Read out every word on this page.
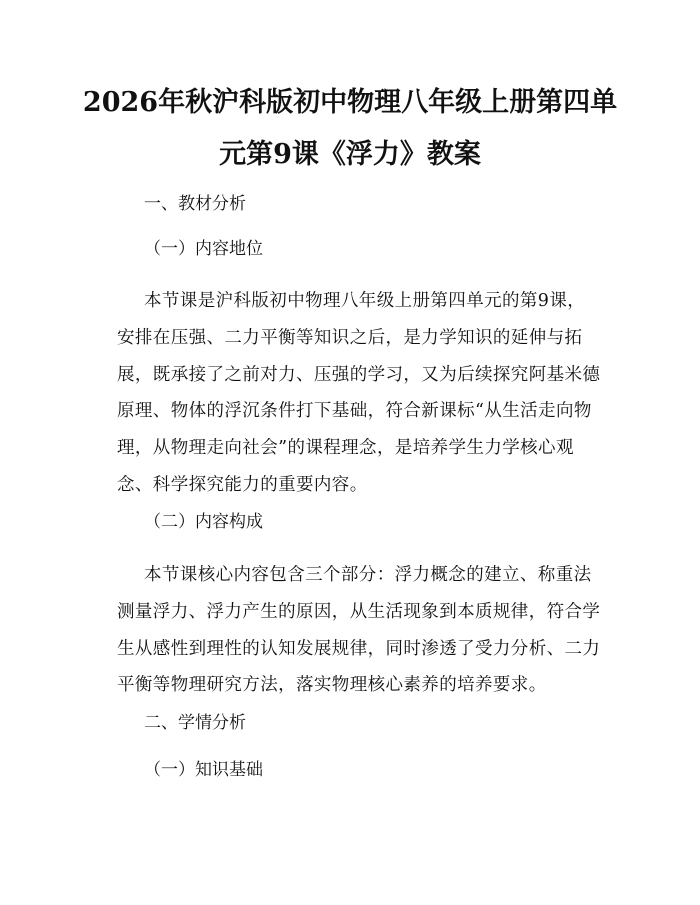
2026年秋沪科版初中物理八年级上册第四单
元第9课《浮力》教案

一、教材分析

（一）内容地位

本节课是沪科版初中物理八年级上册第四单元的第9课，
安排在压强、二力平衡等知识之后，是力学知识的延伸与拓
展，既承接了之前对力、压强的学习，又为后续探究阿基米德
原理、物体的浮沉条件打下基础，符合新课标“从生活走向物
理，从物理走向社会”的课程理念，是培养学生力学核心观
念、科学探究能力的重要内容。

（二）内容构成

本节课核心内容包含三个部分：浮力概念的建立、称重法
测量浮力、浮力产生的原因，从生活现象到本质规律，符合学
生从感性到理性的认知发展规律，同时渗透了受力分析、二力
平衡等物理研究方法，落实物理核心素养的培养要求。

二、学情分析

（一）知识基础
